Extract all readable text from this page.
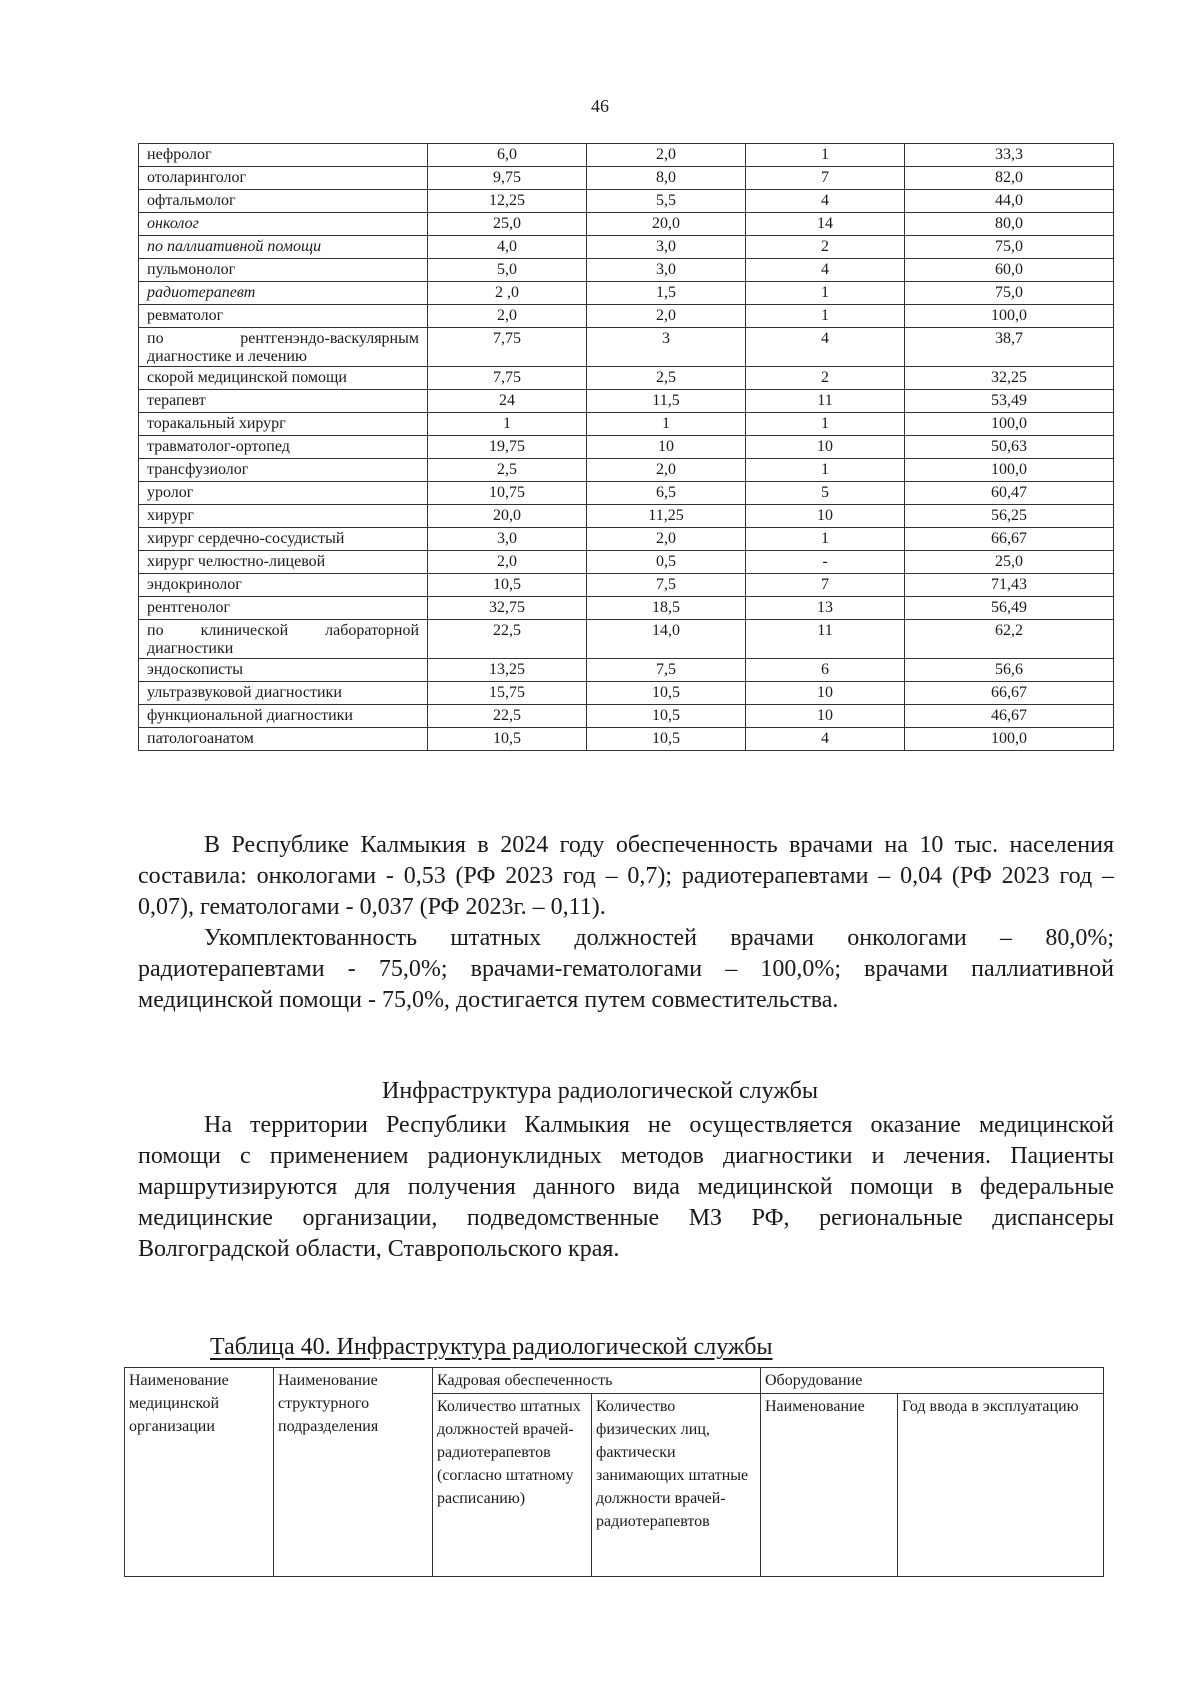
46
нефролог	6,0	2,0	1	33,3
отоларинголог	9,75	8,0	7	82,0
офтальмолог	12,25	5,5	4	44,0
онколог	25,0	20,0	14	80,0
по паллиативной помощи	4,0	3,0	2	75,0
пульмонолог	5,0	3,0	4	60,0
радиотерапевт	2 ,0	1,5	1	75,0
ревматолог	2,0	2,0	1	100,0
по рентгенэндо-васкулярным диагностике и лечению	7,75	3	4	38,7
скорой медицинской помощи	7,75	2,5	2	32,25
терапевт	24	11,5	11	53,49
торакальный хирург	1	1	1	100,0
травматолог-ортопед	19,75	10	10	50,63
трансфузиолог	2,5	2,0	1	100,0
уролог	10,75	6,5	5	60,47
хирург	20,0	11,25	10	56,25
хирург сердечно-сосудистый	3,0	2,0	1	66,67
хирург челюстно-лицевой	2,0	0,5	-	25,0
эндокринолог	10,5	7,5	7	71,43
рентгенолог	32,75	18,5	13	56,49
по клинической лабораторной диагностики	22,5	14,0	11	62,2
эндоскописты	13,25	7,5	6	56,6
ультразвуковой диагностики	15,75	10,5	10	66,67
функциональной диагностики	22,5	10,5	10	46,67
патологоанатом	10,5	10,5	4	100,0

В Республике Калмыкия в 2024 году обеспеченность врачами на 10 тыс. населения составила: онкологами - 0,53 (РФ 2023 год – 0,7); радиотерапевтами – 0,04 (РФ 2023 год – 0,07), гематологами - 0,037 (РФ 2023г. – 0,11).

Укомплектованность штатных должностей врачами онкологами – 80,0%; радиотерапевтами - 75,0%; врачами-гематологами – 100,0%; врачами паллиативной медицинской помощи - 75,0%, достигается путем совместительства.

Инфраструктура радиологической службы

На территории Республики Калмыкия не осуществляется оказание медицинской помощи с применением радионуклидных методов диагностики и лечения. Пациенты маршрутизируются для получения данного вида медицинской помощи в федеральные медицинские организации, подведомственные МЗ РФ, региональные диспансеры Волгоградской области, Ставропольского края.

Таблица 40. Инфраструктура радиологической службы
Наименование медицинской организации	Наименование структурного подразделения	Кадровая обеспеченность		Оборудование	
		Количество штатных должностей врачей-радиотерапевтов (согласно штатному расписанию)	Количество физических лиц, фактически занимающих штатные должности врачей-радиотерапевтов	Наименование	Год ввода в эксплуатацию
